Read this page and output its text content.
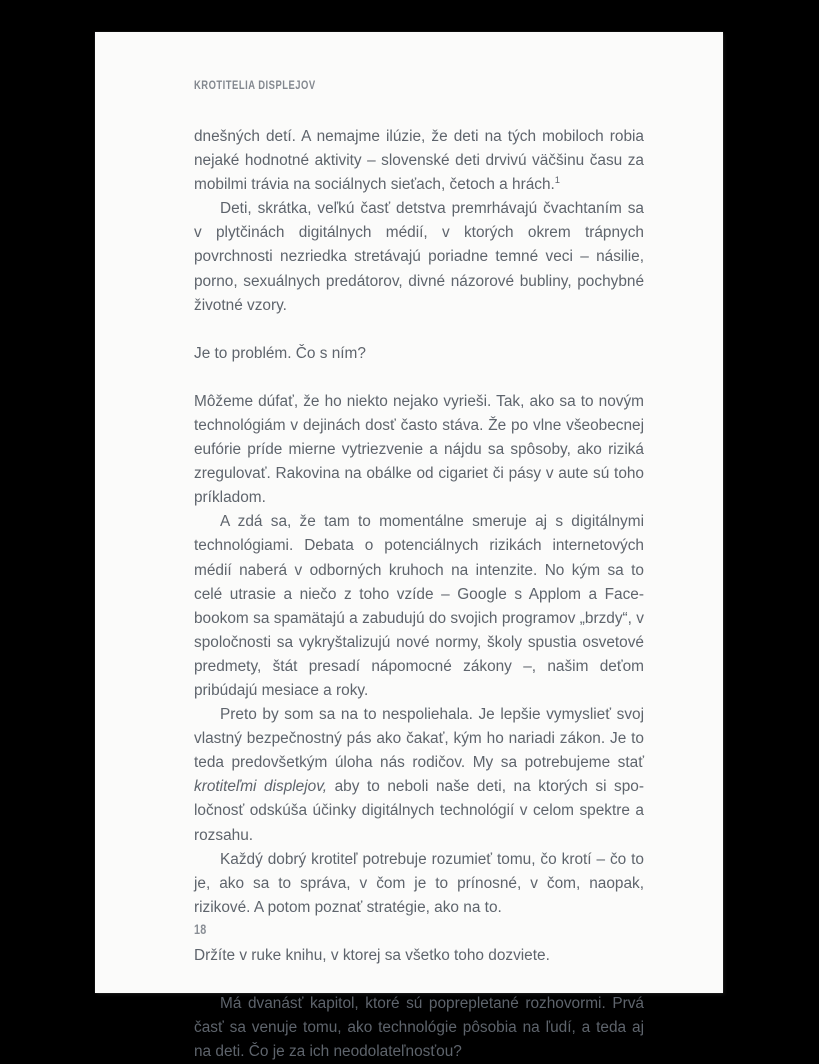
KROTITELIA DISPLEJOV

dnešných detí. A nemajme ilúzie, že deti na tých mobiloch robia nejaké hodnotné aktivity – slovenské deti drvivú väčšinu času za mobilmi trávia na sociálnych sieťach, četoch a hrách.$^1$

Deti, skrátka, veľkú časť detstva premrhávajú čvachtaním sa v plytčinách digitálnych médií, v ktorých okrem trápnych povrchnosti nezriedka stretávajú poriadne temné veci – násilie, porno, sexuálnych predátorov, divné názorové bubliny, pochybné životné vzory.

Je to problém. Čo s ním?

Môžeme dúfať, že ho niekto nejako vyrieši. Tak, ako sa to novým technológiám v dejinách dosť často stáva. Že po vlne všeobecnej eufórie príde mierne vytriezvenie a nájdu sa spôsoby, ako riziká zregulovať. Rakovina na obálke od cigariet či pásy v aute sú toho príkladom.

A zdá sa, že tam to momentálne smeruje aj s digitálnymi technológiami. Debata o potenciálnych rizikách internetových médií naberá v odborných kruhoch na intenzite. No kým sa to celé utrasie a niečo z toho vzíde – Google s Applom a Facebookom sa spamätajú a zabudujú do svojich programov „brzdy“, v spoločnosti sa vykryštalizujú nové normy, školy spustia osvetové predmety, štát presadí nápomocné zákony –, našim deťom pribúdajú mesiace a roky.

Preto by som sa na to nespoliehala. Je lepšie vymyslieť svoj vlastný bezpečnostný pás ako čakať, kým ho nariadi zákon. Je to teda predovšetkým úloha nás rodičov. My sa potrebujeme stať krotiteľmi displejov, aby to neboli naše deti, na ktorých si spoločnosť odskúša účinky digitálnych technológií v celom spektre a rozsahu.

Každý dobrý krotiteľ potrebuje rozumieť tomu, čo krotí – čo to je, ako sa to správa, v čom je to prínosné, v čom, naopak, rizikové. A potom poznať stratégie, ako na to.

Držíte v ruke knihu, v ktorej sa všetko toho dozviete.

Má dvanásť kapitol, ktoré sú poprepletané rozhovormi. Prvá časť sa venuje tomu, ako technológie pôsobia na ľudí, a teda aj na deti. Čo je za ich neodolateľnosťou?

18
